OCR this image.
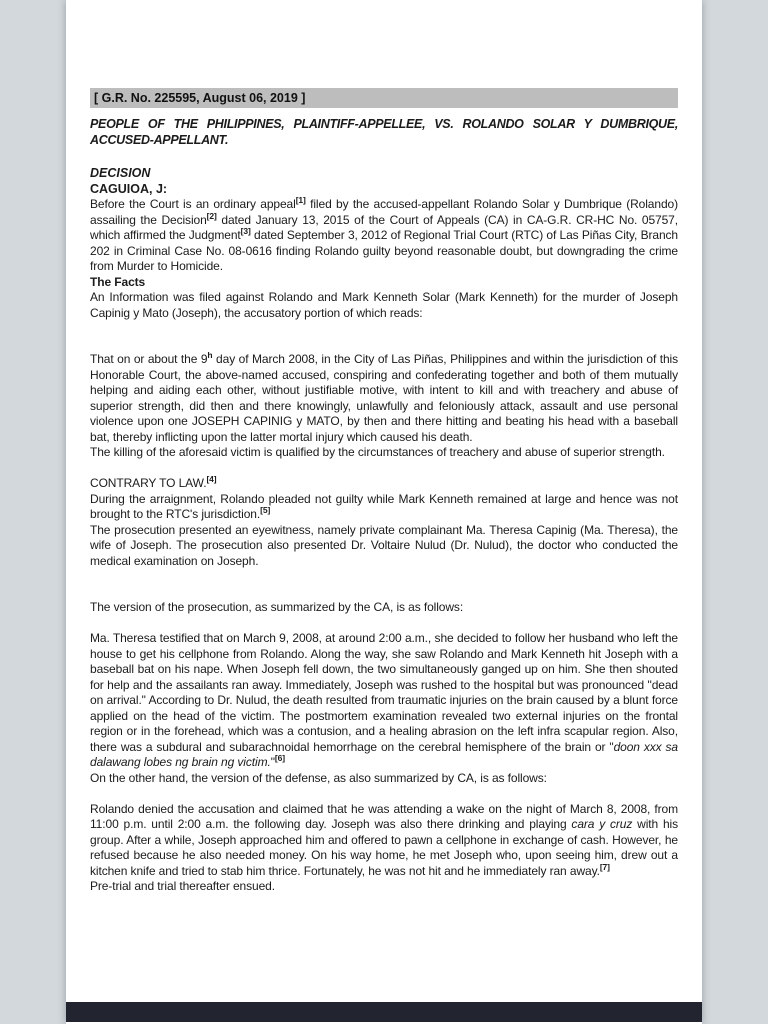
[ G.R. No. 225595, August 06, 2019 ]

PEOPLE OF THE PHILIPPINES, PLAINTIFF-APPELLEE, VS. ROLANDO SOLAR Y DUMBRIQUE, ACCUSED-APPELLANT.

DECISION

CAGUIOA, J:

Before the Court is an ordinary appeal[1] filed by the accused-appellant Rolando Solar y Dumbrique (Rolando) assailing the Decision[2] dated January 13, 2015 of the Court of Appeals (CA) in CA-G.R. CR-HC No. 05757, which affirmed the Judgment[3] dated September 3, 2012 of Regional Trial Court (RTC) of Las Piñas City, Branch 202 in Criminal Case No. 08-0616 finding Rolando guilty beyond reasonable doubt, but downgrading the crime from Murder to Homicide.

The Facts

An Information was filed against Rolando and Mark Kenneth Solar (Mark Kenneth) for the murder of Joseph Capinig y Mato (Joseph), the accusatory portion of which reads:

That on or about the 9$^h$ day of March 2008, in the City of Las Piñas, Philippines and within the jurisdiction of this Honorable Court, the above-named accused, conspiring and confederating together and both of them mutually helping and aiding each other, without justifiable motive, with intent to kill and with treachery and abuse of superior strength, did then and there knowingly, unlawfully and feloniously attack, assault and use personal violence upon one JOSEPH CAPINIG y MATO, by then and there hitting and beating his head with a baseball bat, thereby inflicting upon the latter mortal injury which caused his death.

The killing of the aforesaid victim is qualified by the circumstances of treachery and abuse of superior strength.

CONTRARY TO LAW.[4]

During the arraignment, Rolando pleaded not guilty while Mark Kenneth remained at large and hence was not brought to the RTC's jurisdiction.[5]

The prosecution presented an eyewitness, namely private complainant Ma. Theresa Capinig (Ma. Theresa), the wife of Joseph. The prosecution also presented Dr. Voltaire Nulud (Dr. Nulud), the doctor who conducted the medical examination on Joseph.

The version of the prosecution, as summarized by the CA, is as follows:

Ma. Theresa testified that on March 9, 2008, at around 2:00 a.m., she decided to follow her husband who left the house to get his cellphone from Rolando. Along the way, she saw Rolando and Mark Kenneth hit Joseph with a baseball bat on his nape. When Joseph fell down, the two simultaneously ganged up on him. She then shouted for help and the assailants ran away. Immediately, Joseph was rushed to the hospital but was pronounced "dead on arrival." According to Dr. Nulud, the death resulted from traumatic injuries on the brain caused by a blunt force applied on the head of the victim. The postmortem examination revealed two external injuries on the frontal region or in the forehead, which was a contusion, and a healing abrasion on the left infra scapular region. Also, there was a subdural and subarachnoidal hemorrhage on the cerebral hemisphere of the brain or "doon xxx sa dalawang lobes ng brain ng victim."[6]

On the other hand, the version of the defense, as also summarized by CA, is as follows:

Rolando denied the accusation and claimed that he was attending a wake on the night of March 8, 2008, from 11:00 p.m. until 2:00 a.m. the following day. Joseph was also there drinking and playing cara y cruz with his group. After a while, Joseph approached him and offered to pawn a cellphone in exchange of cash. However, he refused because he also needed money. On his way home, he met Joseph who, upon seeing him, drew out a kitchen knife and tried to stab him thrice. Fortunately, he was not hit and he immediately ran away.[7]

Pre-trial and trial thereafter ensued.
